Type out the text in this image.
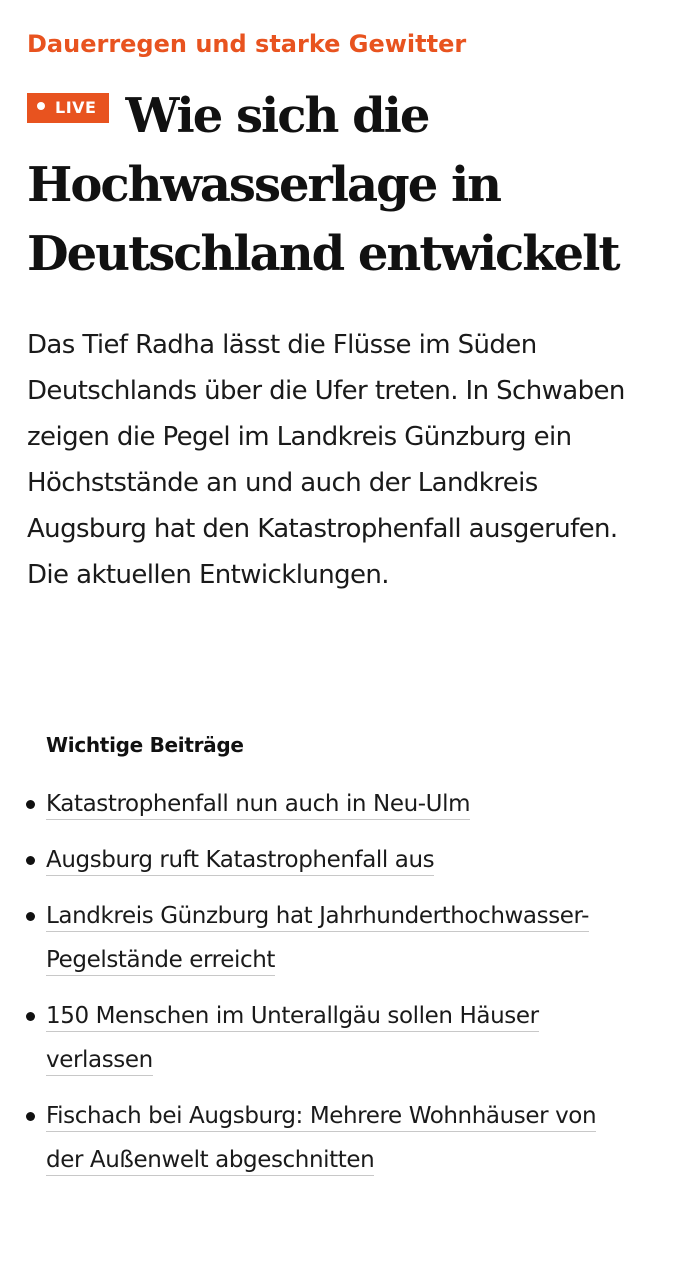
Dauerregen und starke Gewitter

LIVE Wie sich die Hochwasserlage in Deutschland entwickelt

Das Tief Radha lässt die Flüsse im Süden Deutschlands über die Ufer treten. In Schwaben zeigen die Pegel im Landkreis Günzburg ein Höchststände an und auch der Landkreis Augsburg hat den Katastrophenfall ausgerufen. Die aktuellen Entwicklungen.

Wichtige Beiträge
Katastrophenfall nun auch in Neu-Ulm
Augsburg ruft Katastrophenfall aus
Landkreis Günzburg hat Jahrhunderthochwasser-Pegelstände erreicht
150 Menschen im Unterallgäu sollen Häuser verlassen
Fischach bei Augsburg: Mehrere Wohnhäuser von der Außenwelt abgeschnitten
